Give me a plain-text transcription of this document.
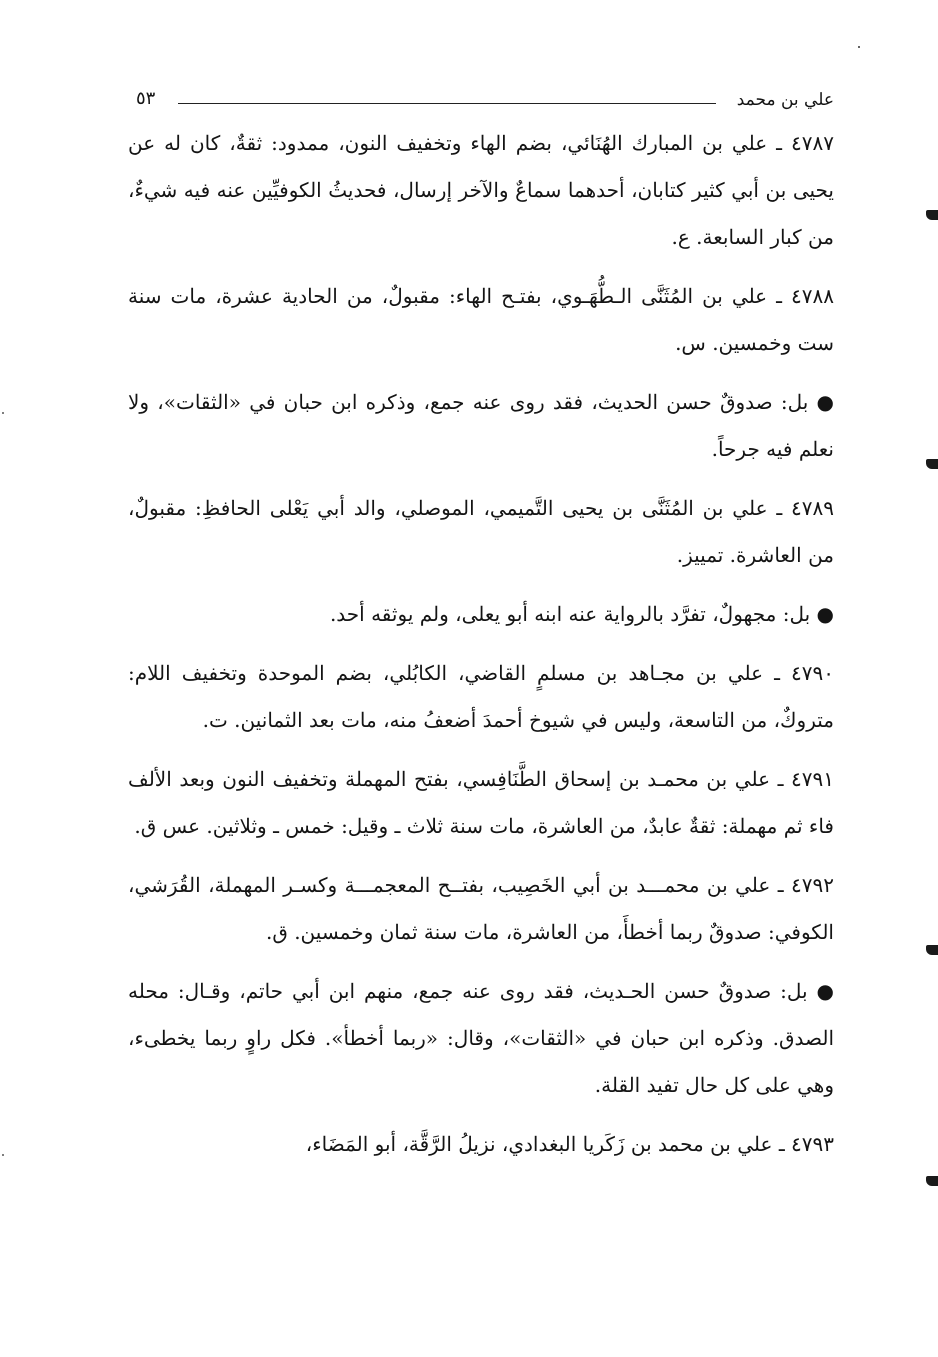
علي بن محمد
٥٣

٤٧٨٧ ـ علي بن المبارك الهُنَائي، بضم الهاء وتخفيف النون، ممدود: ثقةٌ، كان له عن يحيى بن أبي كثير كتابان، أحدهما سماعٌ والآخر إرسال، فحديثُ الكوفيِّين عنه فيه شيءٌ، من كبار السابعة. ع.

٤٧٨٨ ـ علي بن المُثَنَّى الـطُّهَـوي، بفتـح الهاء: مقبولٌ، من الحادية عشرة، مات سنة ست وخمسين. س.

● بل: صدوقٌ حسن الحديث، فقد روى عنه جمع، وذكره ابن حبان في «الثقات»، ولا نعلم فيه جرحاً.

٤٧٨٩ ـ علي بن المُثَنَّى بن يحيى التَّميمي، الموصلي، والد أبي يَعْلى الحافظِ: مقبولٌ، من العاشرة. تمييز.

● بل: مجهولٌ، تفرَّد بالرواية عنه ابنه أبو يعلى، ولم يوثقه أحد.

٤٧٩٠ ـ علي بن مجـاهد بن مسلمٍ القاضي، الكابُلي، بضم الموحدة وتخفيف اللام: متروكٌ، من التاسعة، وليس في شيوخ أحمدَ أضعفُ منه، مات بعد الثمانين. ت.

٤٧٩١ ـ علي بن محمـد بن إسحاق الطَّنَافِسي، بفتح المهملة وتخفيف النون وبعد الألف فاء ثم مهملة: ثقةٌ عابدٌ، من العاشرة، مات سنة ثلاث ـ وقيل: خمس ـ وثلاثين. عس ق.

٤٧٩٢ ـ علي بن محمـــد بن أبي الخَصِيب، بفتــح المعجمـــة وكسـر المهملة، القُرَشي، الكوفي: صدوقٌ ربما أخطأَ، من العاشرة، مات سنة ثمان وخمسين. ق.

● بل: صدوقٌ حسن الحـديث، فقد روى عنه جمع، منهم ابن أبي حاتم، وقـال: محله الصدق. وذكره ابن حبان في «الثقات»، وقال: «ربما أخطأ». فكل راوٍ ربما يخطىء، وهي على كل حال تفيد القلة.

٤٧٩٣ ـ علي بن محمد بن زَكَريا البغدادي، نزيلُ الرَّقَّة، أبو المَضَاء،
